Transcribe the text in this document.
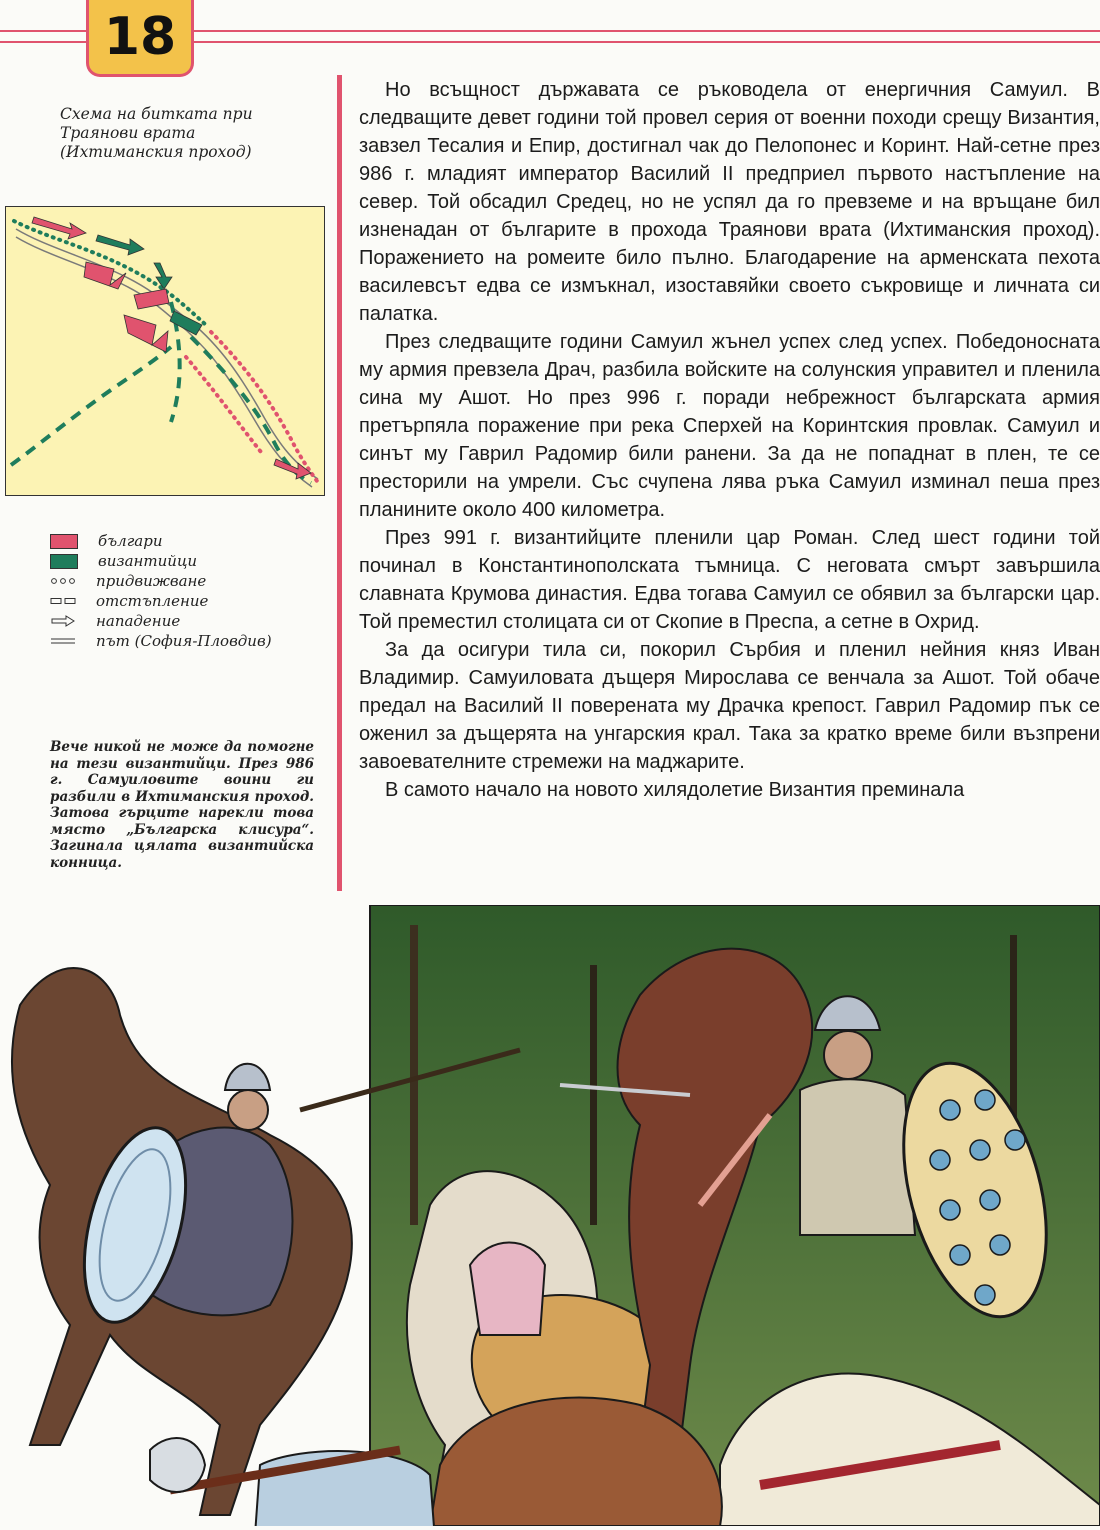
18
Схема на битката при Траянови врата (Ихтиманския проход)
българи
византийци
придвижване
отстъпление
нападение
път (София-Пловдив)
Вече никой не може да помогне на тези византийци. През 986 г. Самуиловите воини ги разбили в Ихтиманския проход. Затова гърците нарекли това място „Българска клисура“. Загинала цялата византийска конница.

Но всъщност държавата се ръководела от енергичния Самуил. В следващите девет години той провел серия от военни походи срещу Византия, завзел Тесалия и Епир, достигнал чак до Пелопонес и Коринт. Най-сетне през 986 г. младият император Василий II предприел първото настъпление на север. Той обсадил Средец, но не успял да го превземе и на връщане бил изненадан от българите в прохода Траянови врата (Ихтиманския проход). Поражението на ромеите било пълно. Благодарение на арменската пехота василевсът едва се измъкнал, изоставяйки своето съкровище и личната си палатка.

През следващите години Самуил жънел успех след успех. Победоносната му армия превзела Драч, разбила войските на солунския управител и пленила сина му Ашот. Но през 996 г. поради небрежност българската армия претърпяла поражение при река Сперхей на Коринтския провлак. Самуил и синът му Гаврил Радомир били ранени. За да не попаднат в плен, те се престорили на умрели. Със счупена лява ръка Самуил изминал пеша през планините около 400 километра.

През 991 г. византийците пленили цар Роман. След шест години той починал в Константинополската тъмница. С неговата смърт завършила славната Крумова династия. Едва тогава Самуил се обявил за български цар. Той преместил столицата си от Скопие в Преспа, а сетне в Охрид.

За да осигури тила си, покорил Сърбия и пленил нейния княз Иван Владимир. Самуиловата дъщеря Мирослава се венчала за Ашот. Той обаче предал на Василий II поверената му Драчка крепост. Гаврил Радомир пък се оженил за дъщерята на унгарския крал. Така за кратко време били възпрени завоевателните стремежи на маджарите.

В самото начало на новото хилядолетие Византия преминала
